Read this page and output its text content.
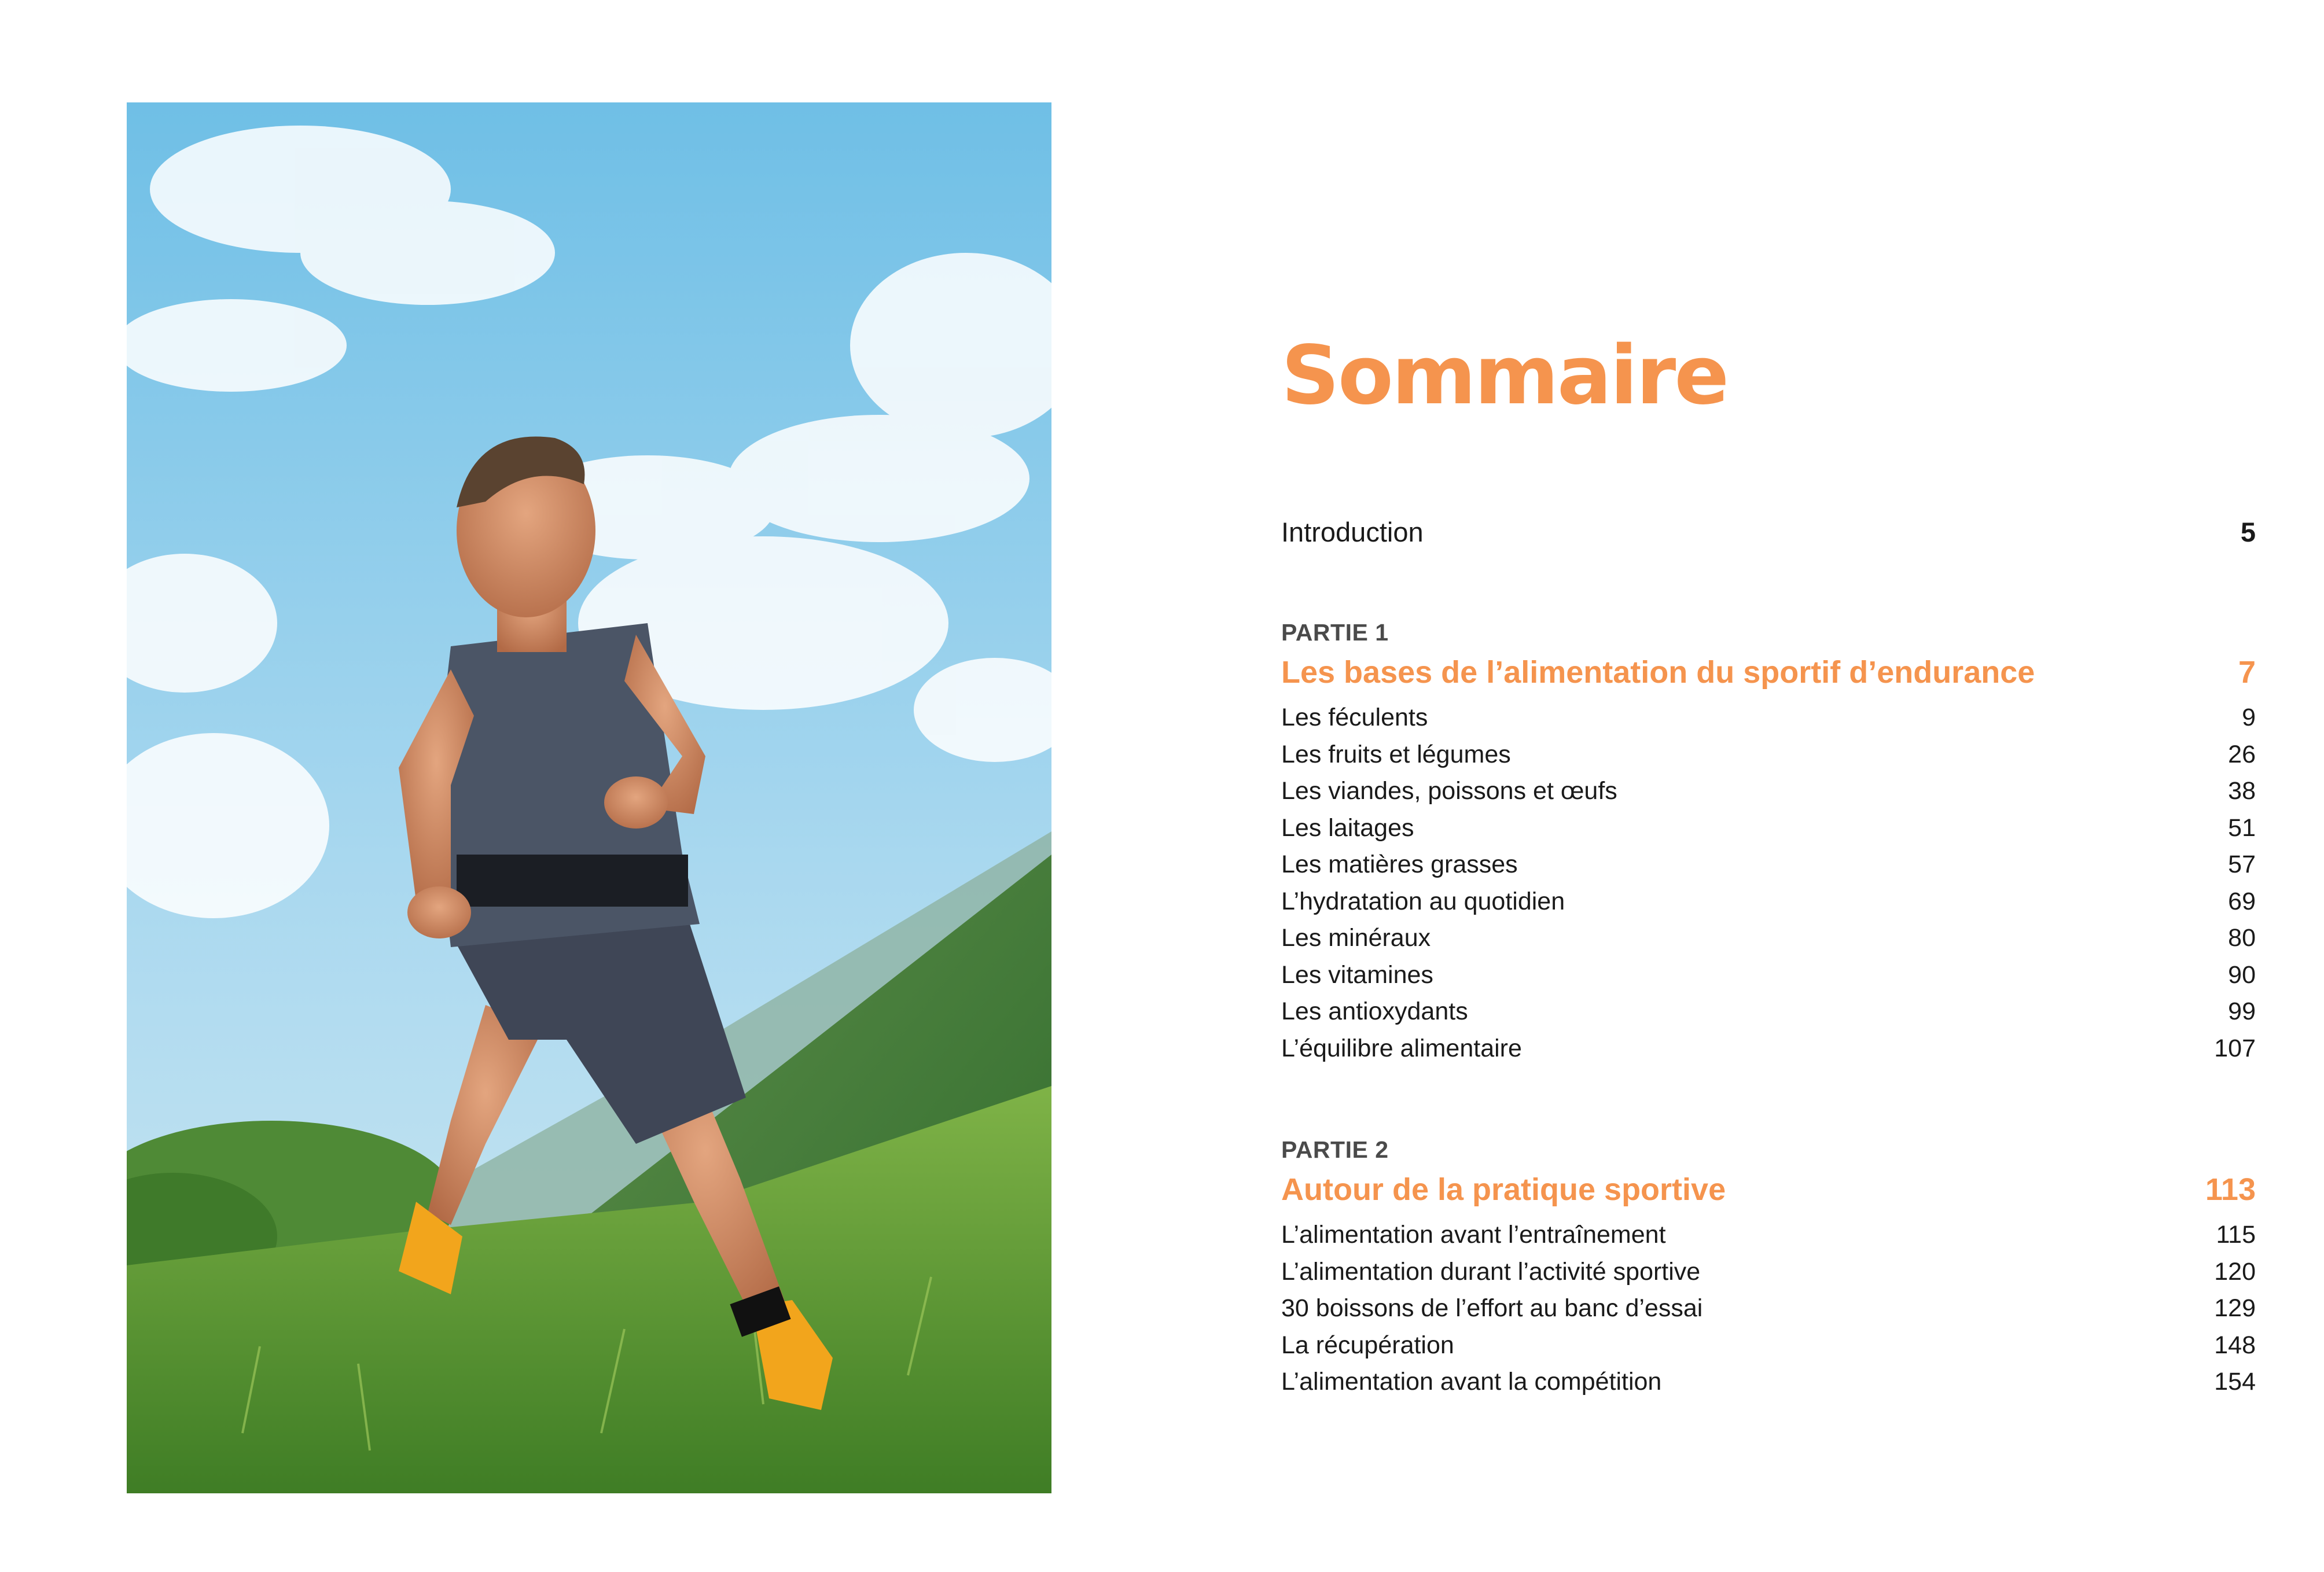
Sommaire
Introduction	5
PARTIE 1
Les bases de l’alimentation du sportif d’endurance	7
Les féculents	9
Les fruits et légumes	26
Les viandes, poissons et œufs	38
Les laitages	51
Les matières grasses	57
L’hydratation au quotidien	69
Les minéraux	80
Les vitamines	90
Les antioxydants	99
L’équilibre alimentaire	107
PARTIE 2
Autour de la pratique sportive	113
L’alimentation avant l’entraînement	115
L’alimentation durant l’activité sportive	120
30 boissons de l’effort au banc d’essai	129
La récupération	148
L’alimentation avant la compétition	154
